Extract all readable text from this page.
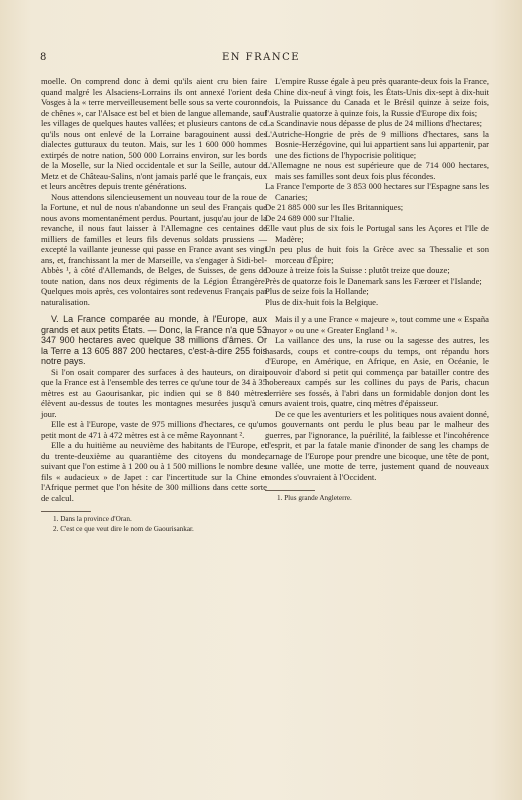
8	EN FRANCE

moelle. On comprend donc à demi qu'ils aient cru bien faire quand malgré les Alsaciens-Lorrains ils ont annexé l'orient des Vosges à la « terre merveilleusement belle sous sa verte couronne de chênes », car l'Alsace est bel et bien de langue allemande, sauf les villages de quelques hautes vallées; et plusieurs cantons de ce qu'ils nous ont enlevé de la Lorraine baragouinent aussi des dialectes gutturaux du teuton. Mais, sur les 1 600 000 hommes extirpés de notre nation, 500 000 Lorrains environ, sur les bords de la Moselle, sur la Nied occidentale et sur la Seille, autour de Metz et de Château-Salins, n'ont jamais parlé que le français, eux et leurs ancêtres depuis trente générations.

Nous attendons silencieusement un nouveau tour de la roue de la Fortune, et nul de nous n'abandonne un seul des Français que nous avons momentanément perdus. Pourtant, jusqu'au jour de la revanche, il nous faut laisser à l'Allemagne ces centaines de milliers de familles et leurs fils devenus soldats prussiens — excepté la vaillante jeunesse qui passe en France avant ses vingt ans, et, franchissant la mer de Marseille, va s'engager à Sidi-bel-Abbès ¹, à côté d'Allemands, de Belges, de Suisses, de gens de toute nation, dans nos deux régiments de la Légion Étrangère. Quelques mois après, ces volontaires sont redevenus Français par naturalisation.

V. La France comparée au monde, à l'Europe, aux grands et aux petits États. — Donc, la France n'a que 53 347 900 hectares avec quelque 38 millions d'âmes. Or la Terre a 13 605 887 200 hectares, c'est-à-dire 255 fois notre pays.

Si l'on osait comparer des surfaces à des hauteurs, on dirait que la France est à l'ensemble des terres ce qu'une tour de 34 à 35 mètres est au Gaourisankar, pic indien qui se 8 840 mètres élèvent au-dessus de toutes les montagnes mesurées jusqu'à ce jour.

Elle est à l'Europe, vaste de 975 millions d'hectares, ce qu'un petit mont de 471 à 472 mètres est à ce même Rayonnant ².

Elle a du huitième au neuvième des habitants de l'Europe, et du trente-deuxième au quarantième des citoyens du monde, suivant que l'on estime à 1 200 ou à 1 500 millions le nombre des fils « audacieux » de Japet : car l'incertitude sur la Chine et l'Afrique permet que l'on hésite de 300 millions dans cette sorte de calcul.

1. Dans la province d'Oran.

2. C'est ce que veut dire le nom de Gaourisankar.

L'empire Russe égale à peu près quarante-deux fois la France, la Chine dix-neuf à vingt fois, les États-Unis dix-sept à dix-huit fois, la Puissance du Canada et le Brésil quinze à seize fois, l'Australie quatorze à quinze fois, la Russie d'Europe dix fois;

La Scandinavie nous dépasse de plus de 24 millions d'hectares;

L'Autriche-Hongrie de près de 9 millions d'hectares, sans la Bosnie-Herzégovine, qui lui appartient sans lui appartenir, par une des fictions de l'hypocrisie politique;

L'Allemagne ne nous est supérieure que de 714 000 hectares, mais ses familles sont deux fois plus fécondes.

La France l'emporte de 3 853 000 hectares sur l'Espagne sans les Canaries;

De 21 885 000 sur les Iles Britanniques;

De 24 689 000 sur l'Italie.

Elle vaut plus de six fois le Portugal sans les Açores et l'Ile de Madère;

Un peu plus de huit fois la Grèce avec sa Thessalie et son morceau d'Épire;

Douze à treize fois la Suisse : plutôt treize que douze;

Près de quatorze fois le Danemark sans les Færœer et l'Islande;

Plus de seize fois la Hollande;

Plus de dix-huit fois la Belgique.

Mais il y a une France « majeure », tout comme une « España mayor » ou une « Greater England ¹ ».

La vaillance des uns, la ruse ou la sagesse des autres, les hasards, coups et contre-coups du temps, ont répandu hors d'Europe, en Amérique, en Afrique, en Asie, en Océanie, le pouvoir d'abord si petit qui commença par batailler contre des hobereaux campés sur les collines du pays de Paris, chacun derrière ses fossés, à l'abri dans un formidable donjon dont les murs avaient trois, quatre, cinq mètres d'épaisseur.

De ce que les aventuriers et les politiques nous avaient donné, nos gouvernants ont perdu le plus beau par le malheur des guerres, par l'ignorance, la puérilité, la faiblesse et l'incohérence d'esprit, et par la fatale manie d'inonder de sang les champs de carnage de l'Europe pour prendre une bicoque, une tête de pont, une vallée, une motte de terre, justement quand de nouveaux mondes s'ouvraient à l'Occident.

1. Plus grande Angleterre.
